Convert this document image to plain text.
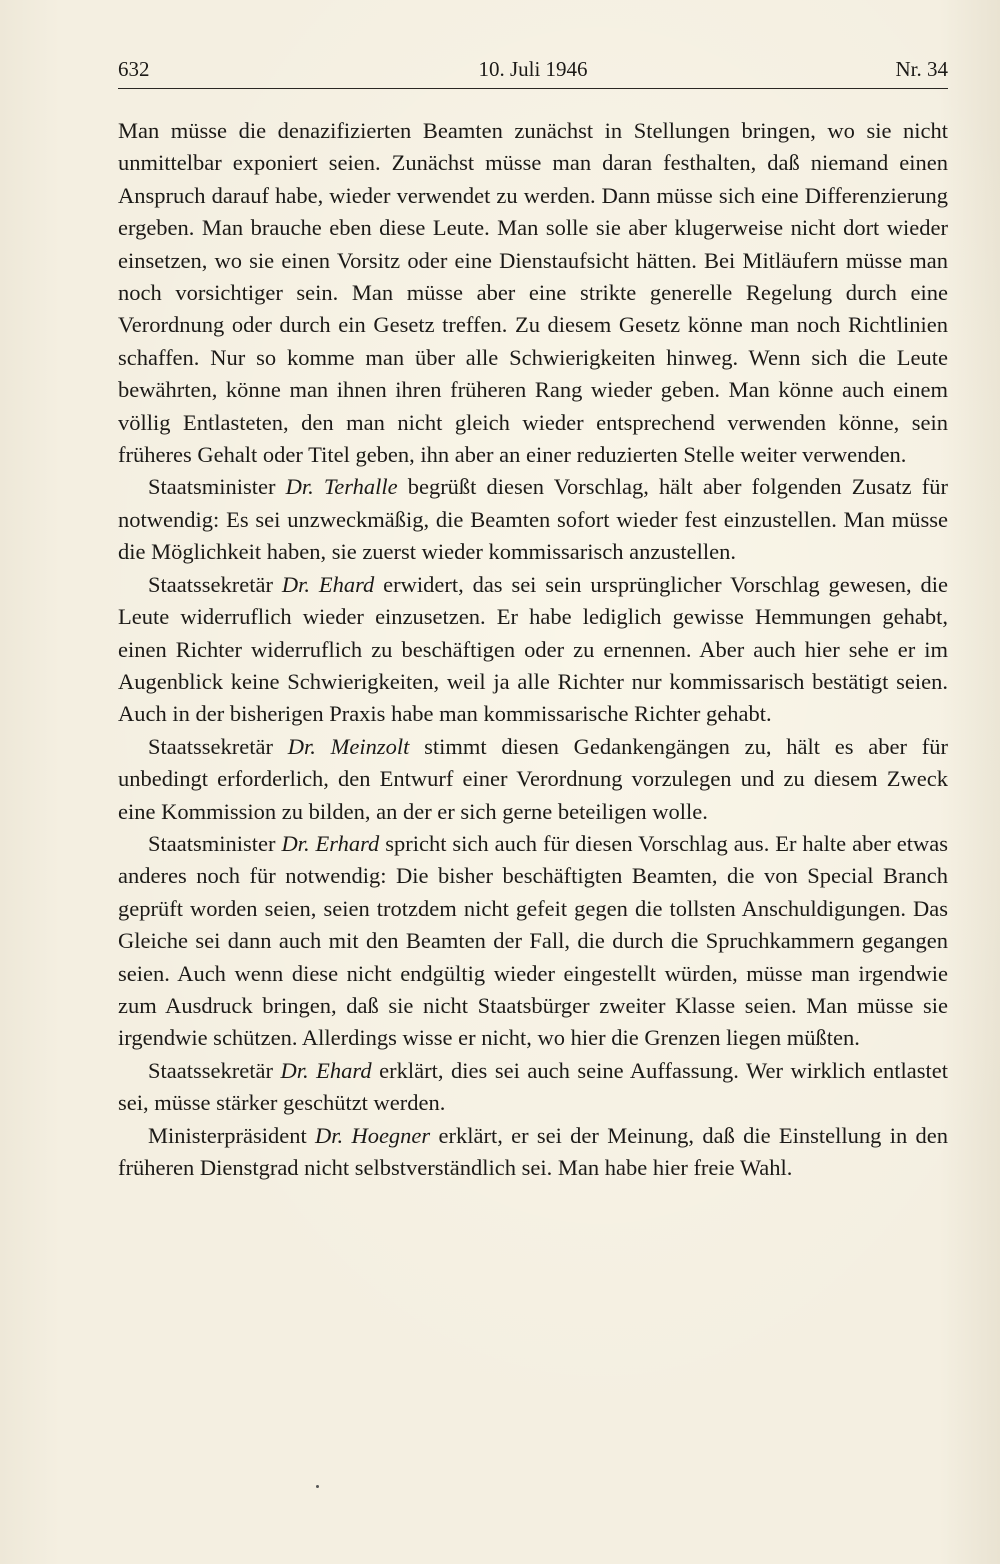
632	10. Juli 1946	Nr. 34

Man müsse die denazifizierten Beamten zunächst in Stellungen bringen, wo sie nicht unmittelbar exponiert seien. Zunächst müsse man daran festhalten, daß niemand einen Anspruch darauf habe, wieder verwendet zu werden. Dann müsse sich eine Differenzierung ergeben. Man brauche eben diese Leute. Man solle sie aber klugerweise nicht dort wieder einsetzen, wo sie einen Vorsitz oder eine Dienstaufsicht hätten. Bei Mitläufern müsse man noch vorsichtiger sein. Man müsse aber eine strikte generelle Regelung durch eine Verordnung oder durch ein Gesetz treffen. Zu diesem Gesetz könne man noch Richtlinien schaffen. Nur so komme man über alle Schwierigkeiten hinweg. Wenn sich die Leute bewährten, könne man ihnen ihren früheren Rang wieder geben. Man könne auch einem völlig Entlasteten, den man nicht gleich wieder entsprechend verwenden könne, sein früheres Gehalt oder Titel geben, ihn aber an einer reduzierten Stelle weiter verwenden.

Staatsminister Dr. Terhalle begrüßt diesen Vorschlag, hält aber folgenden Zusatz für notwendig: Es sei unzweckmäßig, die Beamten sofort wieder fest einzustellen. Man müsse die Möglichkeit haben, sie zuerst wieder kommissarisch anzustellen.

Staatssekretär Dr. Ehard erwidert, das sei sein ursprünglicher Vorschlag gewesen, die Leute widerruflich wieder einzusetzen. Er habe lediglich gewisse Hemmungen gehabt, einen Richter widerruflich zu beschäftigen oder zu ernennen. Aber auch hier sehe er im Augenblick keine Schwierigkeiten, weil ja alle Richter nur kommissarisch bestätigt seien. Auch in der bisherigen Praxis habe man kommissarische Richter gehabt.

Staatssekretär Dr. Meinzolt stimmt diesen Gedankengängen zu, hält es aber für unbedingt erforderlich, den Entwurf einer Verordnung vorzulegen und zu diesem Zweck eine Kommission zu bilden, an der er sich gerne beteiligen wolle.

Staatsminister Dr. Erhard spricht sich auch für diesen Vorschlag aus. Er halte aber etwas anderes noch für notwendig: Die bisher beschäftigten Beamten, die von Special Branch geprüft worden seien, seien trotzdem nicht gefeit gegen die tollsten Anschuldigungen. Das Gleiche sei dann auch mit den Beamten der Fall, die durch die Spruchkammern gegangen seien. Auch wenn diese nicht endgültig wieder eingestellt würden, müsse man irgendwie zum Ausdruck bringen, daß sie nicht Staatsbürger zweiter Klasse seien. Man müsse sie irgendwie schützen. Allerdings wisse er nicht, wo hier die Grenzen liegen müßten.

Staatssekretär Dr. Ehard erklärt, dies sei auch seine Auffassung. Wer wirklich entlastet sei, müsse stärker geschützt werden.

Ministerpräsident Dr. Hoegner erklärt, er sei der Meinung, daß die Einstellung in den früheren Dienstgrad nicht selbstverständlich sei. Man habe hier freie Wahl.
